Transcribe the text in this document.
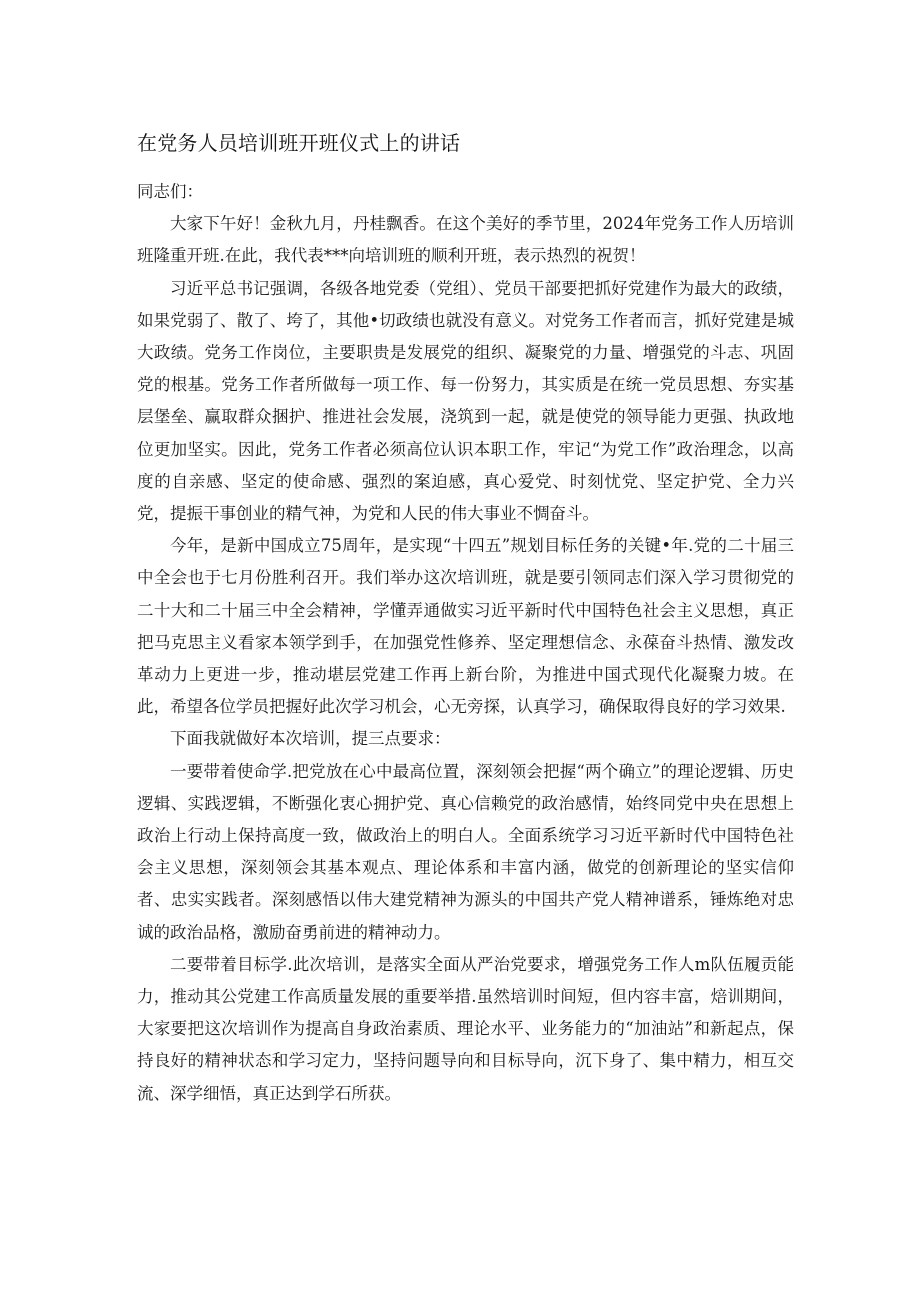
在党务人员培训班开班仪式上的讲话

同志们：

大家下午好！金秋九月，丹桂飘香。在这个美好的季节里，2024年党务工作人历培训班隆重开班.在此，我代表***向培训班的顺利开班，表示热烈的祝贺！

习近平总书记强调，各级各地党委（党组）、党员干部要把抓好党建作为最大的政绩，如果党弱了、散了、垮了，其他•切政绩也就没有意义。对党务工作者而言，抓好党建是城大政绩。党务工作岗位，主要职贵是发展党的组织、凝聚党的力量、增强党的斗志、巩固党的根基。党务工作者所做每一项工作、每一份努力，其实质是在统一党员思想、夯实基层堡垒、赢取群众捆护、推进社会发展，浇筑到一起，就是使党的领导能力更强、执政地位更加坚实。因此，党务工作者必须高位认识本职工作，牢记“为党工作”政治理念，以高度的自亲感、坚定的使命感、强烈的案迫感，真心爱党、时刻忧党、坚定护党、全力兴党，提振干事创业的精气神，为党和人民的伟大事业不惆奋斗。

今年，是新中国成立75周年，是实现“十四五”规划目标任务的关键•年.党的二十届三中全会也于七月份胜利召开。我们举办这次培训班，就是要引领同志们深入学习贯彻党的二十大和二十届三中全会精神，学懂弄通做实习近平新时代中国特色社会主义思想，真正把马克思主义看家本领学到手，在加强党性修养、坚定理想信念、永葆奋斗热情、激发改革动力上更进一步，推动堪层党建工作再上新台阶，为推进中国式现代化凝聚力坡。在此，希望各位学员把握好此次学习机会，心无旁探，认真学习，确保取得良好的学习效果.

下面我就做好本次培训，提三点要求：

一要带着使命学.把党放在心中最高位置，深刻领会把握“两个确立”的理论逻辑、历史逻辑、实践逻辑，不断强化衷心拥护党、真心信赖党的政治感情，始终同党中央在思想上政治上行动上保持高度一致，做政治上的明白人。全面系统学习习近平新时代中国特色社会主义思想，深刻领会其基本观点、理论体系和丰富内涵，做党的创新理论的坚实信仰者、忠实实践者。深刻感悟以伟大建党精神为源头的中国共产党人精神谱系，锤炼绝对忠诚的政治品格，激励奋勇前进的精神动力。

二要带着目标学.此次培训，是落实全面从严治党要求，增强党务工作人m队伍履贡能力，推动其公党建工作高质量发展的重要举措.虽然培训时间短，但内容丰富，焙训期间，大家要把这次培训作为提高自身政治素质、理论水平、业务能力的“加油站”和新起点，保持良好的精神状态和学习定力，坚持问题导向和目标导向，沉下身了、集中精力，相互交流、深学细悟，真正达到学石所获。
